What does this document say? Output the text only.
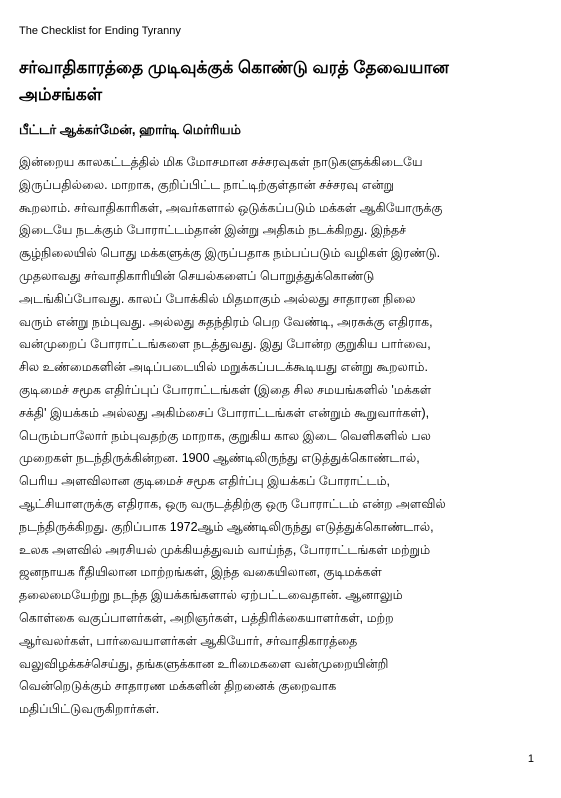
The Checklist for Ending Tyranny
சர்வாதிகாரத்தை முடிவுக்குக் கொண்டு வரத் தேவையான
அம்சங்கள்
பீட்டர் ஆக்கர்மேன், ஹார்டி மெர்ரியம்
இன்றைய காலகட்டத்தில் மிக மோசமான சச்சரவுகள் நாடுகளுக்கிடையே
இருப்பதில்லை. மாறாக, குறிப்பிட்ட நாட்டிற்குள்தான் சச்சரவு என்று
கூறலாம். சர்வாதிகாரிகள், அவர்களால் ஒடுக்கப்படும் மக்கள் ஆகியோருக்கு
இடையே நடக்கும் போராட்டம்தான் இன்று அதிகம் நடக்கிறது. இந்தச்
சூழ்நிலையில் பொது மக்களுக்கு இருப்பதாக நம்பப்படும் வழிகள் இரண்டு.
முதலாவது சர்வாதிகாரியின் செயல்களைப் பொறுத்துக்கொண்டு
அடங்கிப்போவது. காலப் போக்கில் மிதமாகும் அல்லது சாதாரன நிலை
வரும் என்று நம்புவது. அல்லது சுதந்திரம் பெற வேண்டி, அரசுக்கு எதிராக,
வன்முறைப் போராட்டங்களை நடத்துவது. இது போன்ற குறுகிய பார்வை,
சில உண்மைகளின் அடிப்படையில் மறுக்கப்படக்கூடியது என்று கூறலாம்.
குடிமைச் சமூக எதிர்ப்புப் போராட்டங்கள் (இதை சில சமயங்களில் 'மக்கள்
சக்தி' இயக்கம் அல்லது அகிம்சைப் போராட்டங்கள் என்றும் கூறுவார்கள்),
பெரும்பாலோர் நம்புவதற்கு மாறாக, குறுகிய கால இடை வெளிகளில் பல
முறைகள் நடந்திருக்கின்றன. 1900 ஆண்டிலிருந்து எடுத்துக்கொண்டால்,
பெரிய அளவிலான குடிமைச் சமூக எதிர்ப்பு இயக்கப் போராட்டம்,
ஆட்சியாளருக்கு எதிராக, ஒரு வருடத்திற்கு ஒரு போராட்டம் என்ற அளவில்
நடந்திருக்கிறது. குறிப்பாக 1972ஆம் ஆண்டிலிருந்து எடுத்துக்கொண்டால்,
உலக அளவில் அரசியல் முக்கியத்துவம் வாய்ந்த, போராட்டங்கள் மற்றும்
ஜனநாயக ரீதியிலான மாற்றங்கள், இந்த வகையிலான, குடிமக்கள்
தலைமையேற்று நடந்த இயக்கங்களால் ஏற்பட்டவைதான். ஆனாலும்
கொள்கை வகுப்பாளர்கள், அறிஞர்கள், பத்திரிக்கையாளர்கள், மற்ற
ஆர்வலர்கள், பார்வையாளர்கள் ஆகியோர், சர்வாதிகாரத்தை
வலுவிழக்கச்செய்து, தங்களுக்கான உரிமைகளை வன்முறையின்றி
வென்றெடுக்கும் சாதாரண மக்களின் திறனைக் குறைவாக
மதிப்பிட்டுவருகிறார்கள்.
1
